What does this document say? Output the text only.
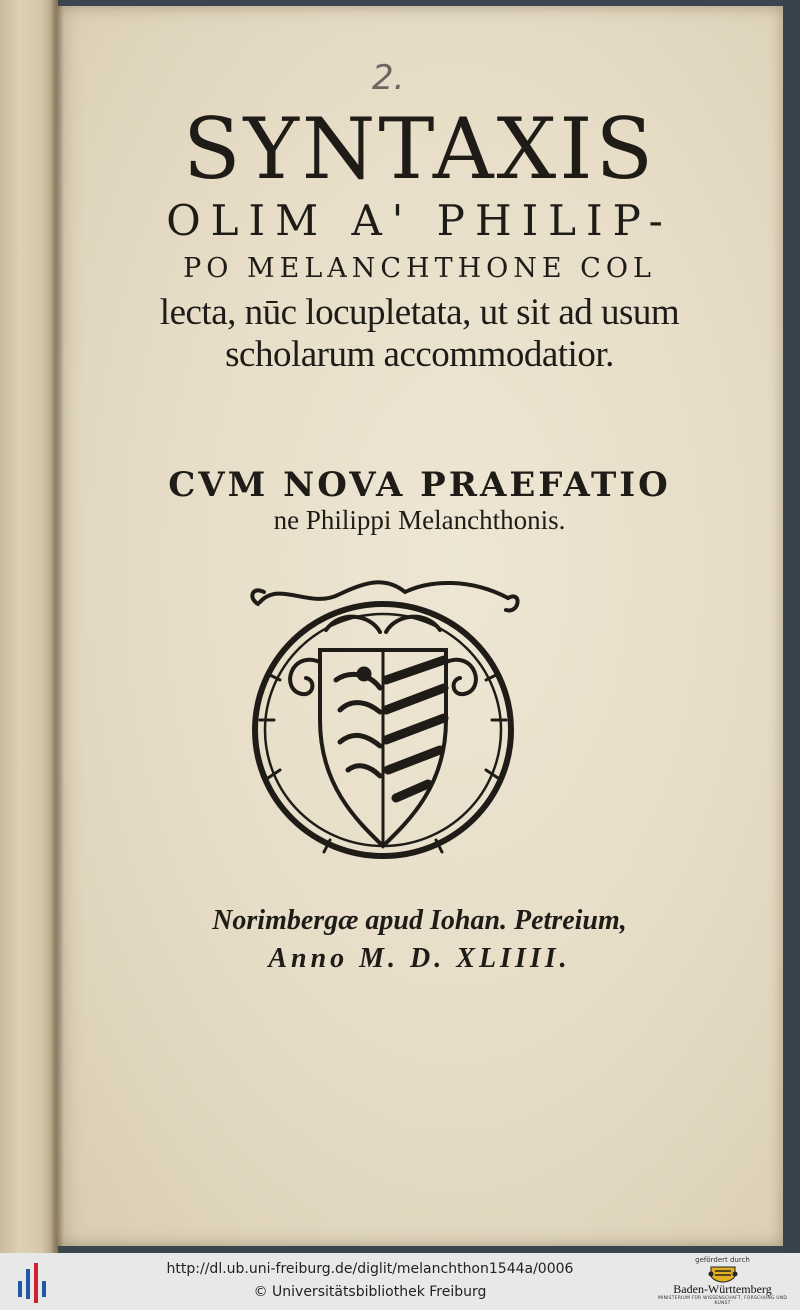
2.
SYNTAXIS
OLIM A' PHILIP-
PO MELANCHTHONE COL
lecta, nūc locupletata, ut sit ad usum
scholarum accommodatior.
CVM NOVA PRAEFATIO
ne Philippi Melanchthonis.
Norimbergæ apud Iohan. Petreium,
Anno M. D. XLIIII.
http://dl.ub.uni-freiburg.de/diglit/melanchthon1544a/0006
© Universitätsbibliothek Freiburg
gefördert durch
Baden-Württemberg
MINISTERIUM FÜR WISSENSCHAFT, FORSCHUNG UND KUNST
